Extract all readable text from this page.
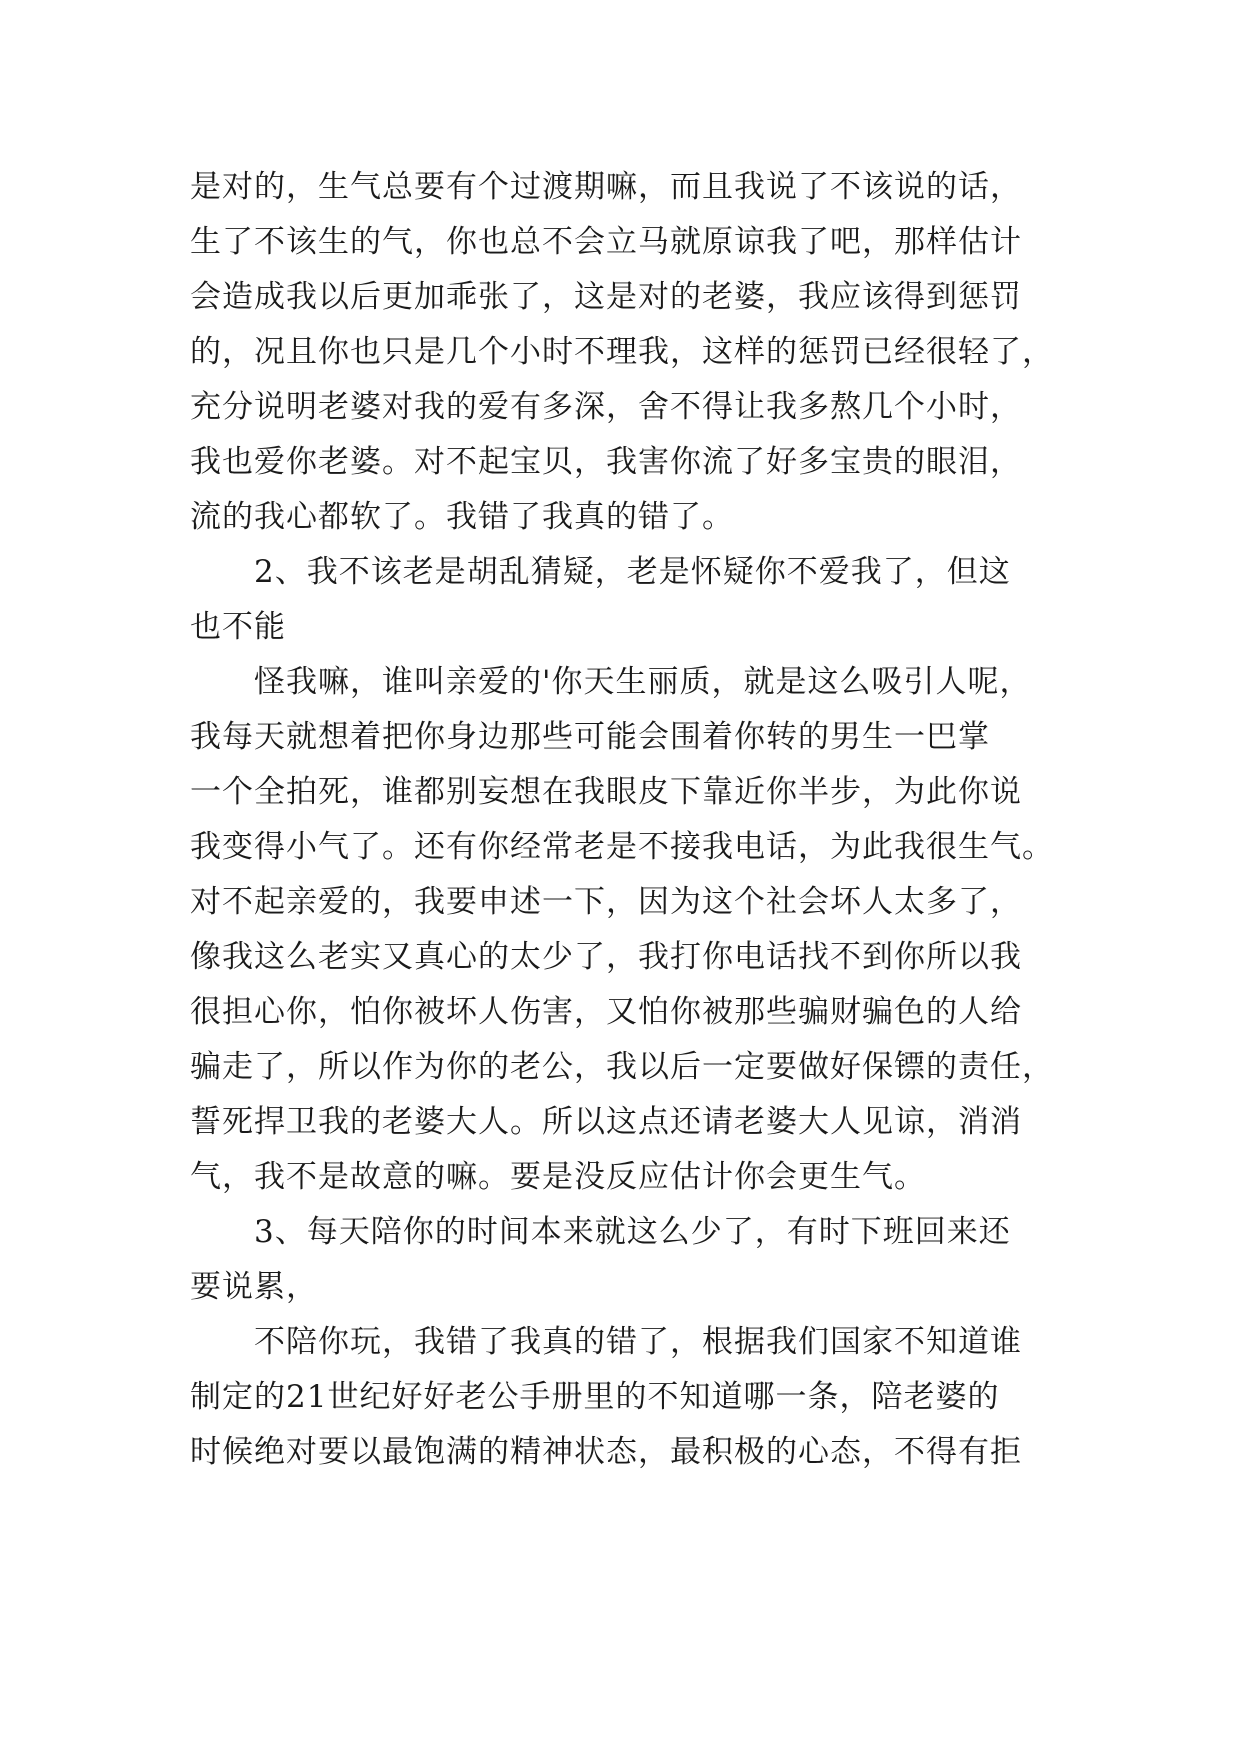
是对的，生气总要有个过渡期嘛，而且我说了不该说的话，
生了不该生的气，你也总不会立马就原谅我了吧，那样估计
会造成我以后更加乖张了，这是对的老婆，我应该得到惩罚
的，况且你也只是几个小时不理我，这样的惩罚已经很轻了，
充分说明老婆对我的爱有多深，舍不得让我多熬几个小时，
我也爱你老婆。对不起宝贝，我害你流了好多宝贵的眼泪，
流的我心都软了。我错了我真的错了。
　　2、我不该老是胡乱猜疑，老是怀疑你不爱我了，但这
也不能
　　怪我嘛，谁叫亲爱的'你天生丽质，就是这么吸引人呢，
我每天就想着把你身边那些可能会围着你转的男生一巴掌
一个全拍死，谁都别妄想在我眼皮下靠近你半步，为此你说
我变得小气了。还有你经常老是不接我电话，为此我很生气。
对不起亲爱的，我要申述一下，因为这个社会坏人太多了，
像我这么老实又真心的太少了，我打你电话找不到你所以我
很担心你，怕你被坏人伤害，又怕你被那些骗财骗色的人给
骗走了，所以作为你的老公，我以后一定要做好保镖的责任，
誓死捍卫我的老婆大人。所以这点还请老婆大人见谅，消消
气，我不是故意的嘛。要是没反应估计你会更生气。
　　3、每天陪你的时间本来就这么少了，有时下班回来还
要说累，
　　不陪你玩，我错了我真的错了，根据我们国家不知道谁
制定的21世纪好好老公手册里的不知道哪一条，陪老婆的
时候绝对要以最饱满的精神状态，最积极的心态，不得有拒
